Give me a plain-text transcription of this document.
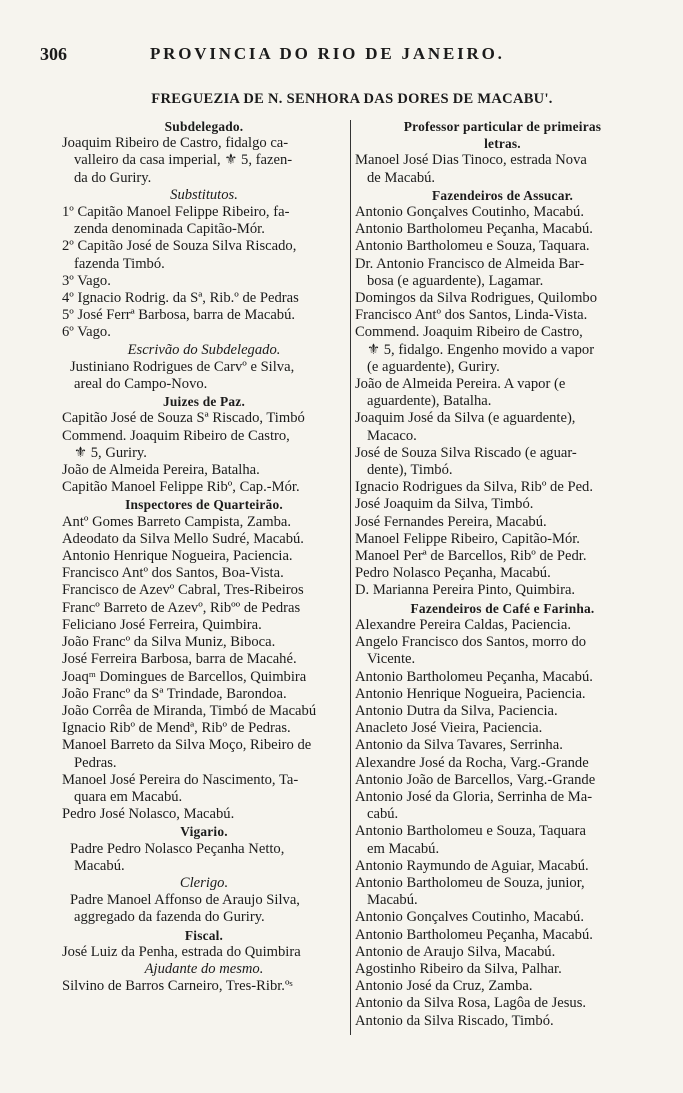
306	PROVINCIA DO RIO DE JANEIRO.
FREGUEZIA DE N. SENHORA DAS DORES DE MACABU'.
Subdelegado.
Joaquim Ribeiro de Castro, fidalgo ca-
valleiro da casa imperial, ⚜ 5, fazen-
da do Guriry.
Substitutos.
1º Capitão Manoel Felippe Ribeiro, fa-
zenda denominada Capitão-Mór.
2º Capitão José de Souza Silva Riscado,
fazenda Timbó.
3º Vago.
4º Ignacio Rodrig. da Sª, Rib.º de Pedras
5º José Ferrª Barbosa, barra de Macabú.
6º Vago.
Escrivão do Subdelegado.
Justiniano Rodrigues de Carvº e Silva,
areal do Campo-Novo.
Juizes de Paz.
Capitão José de Souza Sª Riscado, Timbó
Commend. Joaquim Ribeiro de Castro,
⚜ 5, Guriry.
João de Almeida Pereira, Batalha.
Capitão Manoel Felippe Ribº, Cap.-Mór.
Inspectores de Quarteirão.
Antº Gomes Barreto Campista, Zamba.
Adeodato da Silva Mello Sudré, Macabú.
Antonio Henrique Nogueira, Paciencia.
Francisco Antº dos Santos, Boa-Vista.
Francisco de Azevº Cabral, Tres-Ribeiros
Francº Barreto de Azevº, Ribºº de Pedras
Feliciano José Ferreira, Quimbira.
João Francº da Silva Muniz, Biboca.
José Ferreira Barbosa, barra de Macahé.
Joaqᵐ Domingues de Barcellos, Quimbira
João Francº da Sª Trindade, Barondoa.
João Corrêa de Miranda, Timbó de Macabú
Ignacio Ribº de Mendª, Ribº de Pedras.
Manoel Barreto da Silva Moço, Ribeiro de
Pedras.
Manoel José Pereira do Nascimento, Ta-
quara em Macabú.
Pedro José Nolasco, Macabú.
Vigario.
Padre Pedro Nolasco Peçanha Netto,
Macabú.
Clerigo.
Padre Manoel Affonso de Araujo Silva,
aggregado da fazenda do Guriry.
Fiscal.
José Luiz da Penha, estrada do Quimbira
Ajudante do mesmo.
Silvino de Barros Carneiro, Tres-Ribr.ºˢ
Professor particular de primeiras
letras.
Manoel José Dias Tinoco, estrada Nova
de Macabú.
Fazendeiros de Assucar.
Antonio Gonçalves Coutinho, Macabú.
Antonio Bartholomeu Peçanha, Macabú.
Antonio Bartholomeu e Souza, Taquara.
Dr. Antonio Francisco de Almeida Bar-
bosa (e aguardente), Lagamar.
Domingos da Silva Rodrigues, Quilombo
Francisco Antº dos Santos, Linda-Vista.
Commend. Joaquim Ribeiro de Castro,
⚜ 5, fidalgo. Engenho movido a vapor
(e aguardente), Guriry.
João de Almeida Pereira. A vapor (e
aguardente), Batalha.
Joaquim José da Silva (e aguardente),
Macaco.
José de Souza Silva Riscado (e aguar-
dente), Timbó.
Ignacio Rodrigues da Silva, Ribº de Ped.
José Joaquim da Silva, Timbó.
José Fernandes Pereira, Macabú.
Manoel Felippe Ribeiro, Capitão-Mór.
Manoel Perª de Barcellos, Ribº de Pedr.
Pedro Nolasco Peçanha, Macabú.
D. Marianna Pereira Pinto, Quimbira.
Fazendeiros de Café e Farinha.
Alexandre Pereira Caldas, Paciencia.
Angelo Francisco dos Santos, morro do
Vicente.
Antonio Bartholomeu Peçanha, Macabú.
Antonio Henrique Nogueira, Paciencia.
Antonio Dutra da Silva, Paciencia.
Anacleto José Vieira, Paciencia.
Antonio da Silva Tavares, Serrinha.
Alexandre José da Rocha, Varg.-Grande
Antonio João de Barcellos, Varg.-Grande
Antonio José da Gloria, Serrinha de Ma-
cabú.
Antonio Bartholomeu e Souza, Taquara
em Macabú.
Antonio Raymundo de Aguiar, Macabú.
Antonio Bartholomeu de Souza, junior,
Macabú.
Antonio Gonçalves Coutinho, Macabú.
Antonio Bartholomeu Peçanha, Macabú.
Antonio de Araujo Silva, Macabú.
Agostinho Ribeiro da Silva, Palhar.
Antonio José da Cruz, Zamba.
Antonio da Silva Rosa, Lagôa de Jesus.
Antonio da Silva Riscado, Timbó.
